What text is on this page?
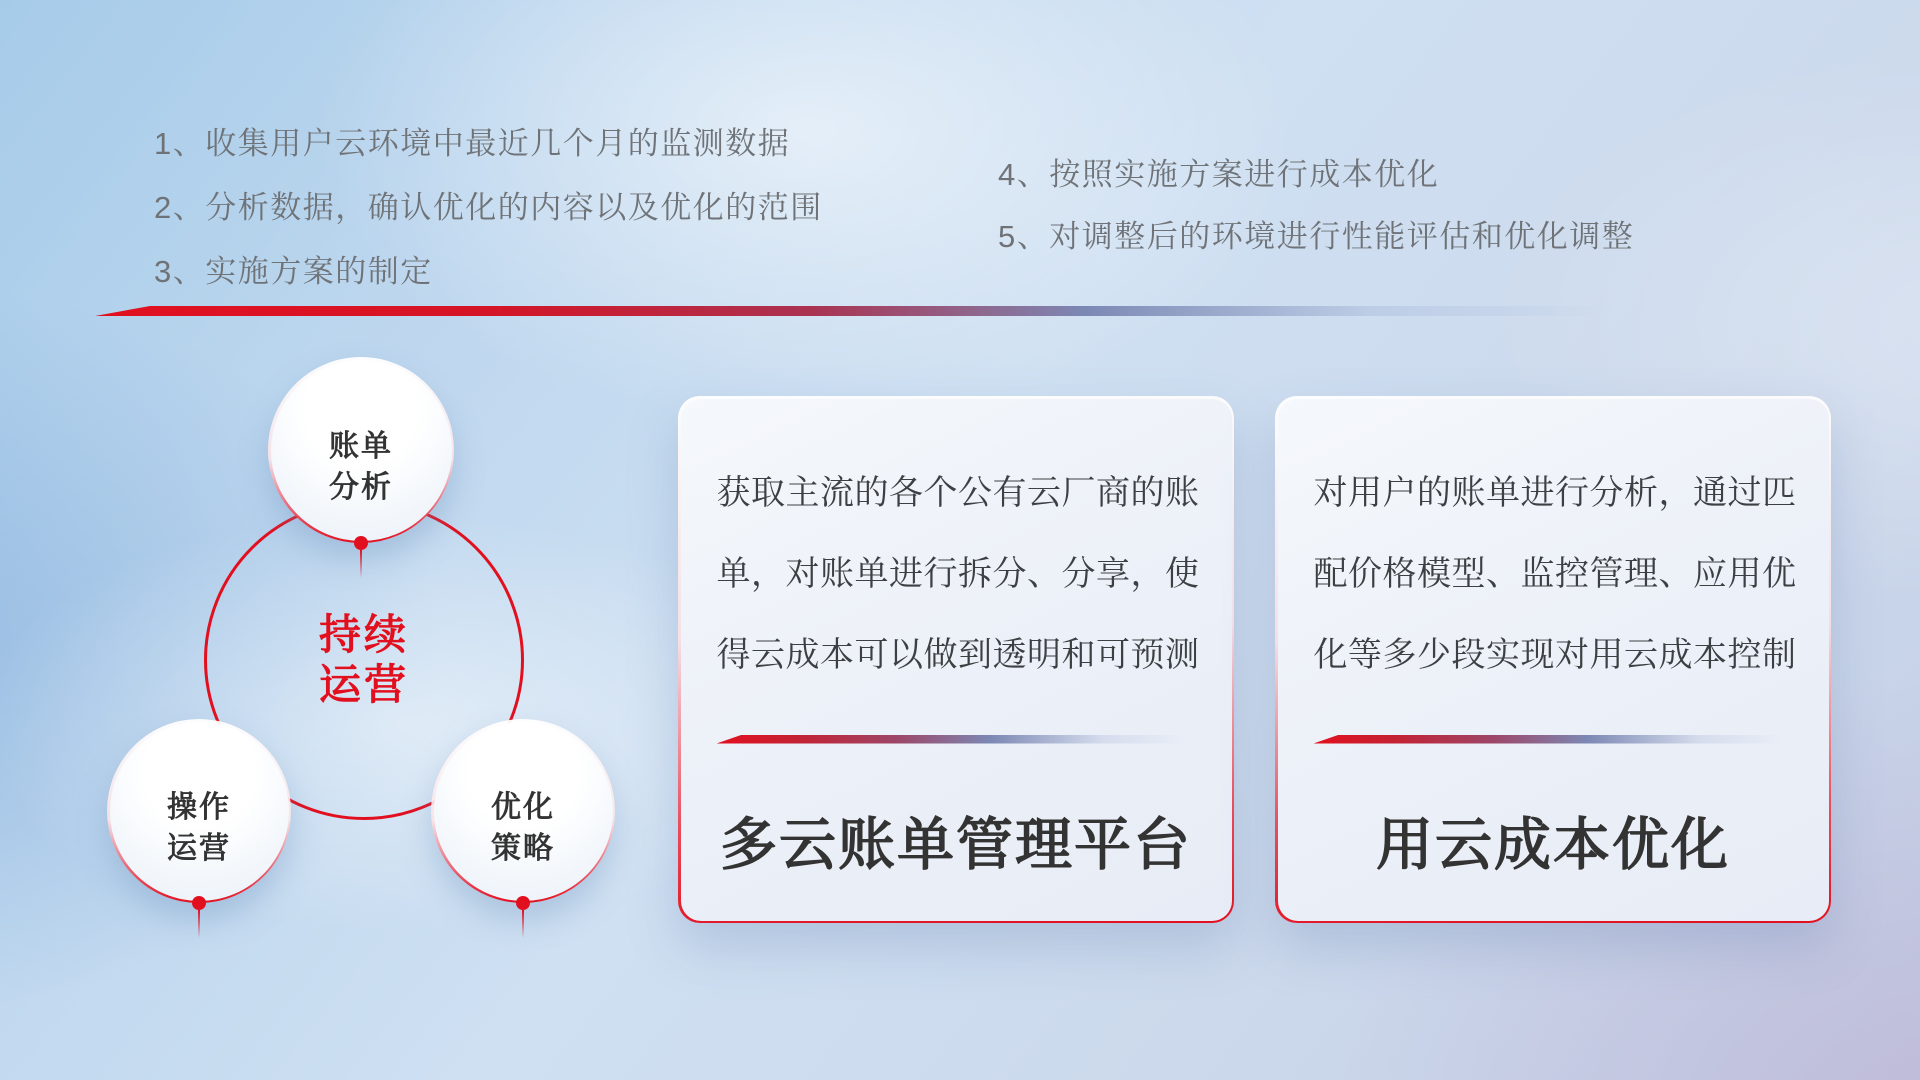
1、收集用户云环境中最近几个月的监测数据
2、分析数据，确认优化的内容以及优化的范围
3、实施方案的制定
4、按照实施方案进行成本优化
5、对调整后的环境进行性能评估和优化调整
持续
运营
账单
分析
操作
运营
优化
策略

获取主流的各个公有云厂商的账单，对账单进行拆分、分享，使得云成本可以做到透明和可预测

多云账单管理平台

对用户的账单进行分析，通过匹配价格模型、监控管理、应用优化等多少段实现对用云成本控制

用云成本优化
